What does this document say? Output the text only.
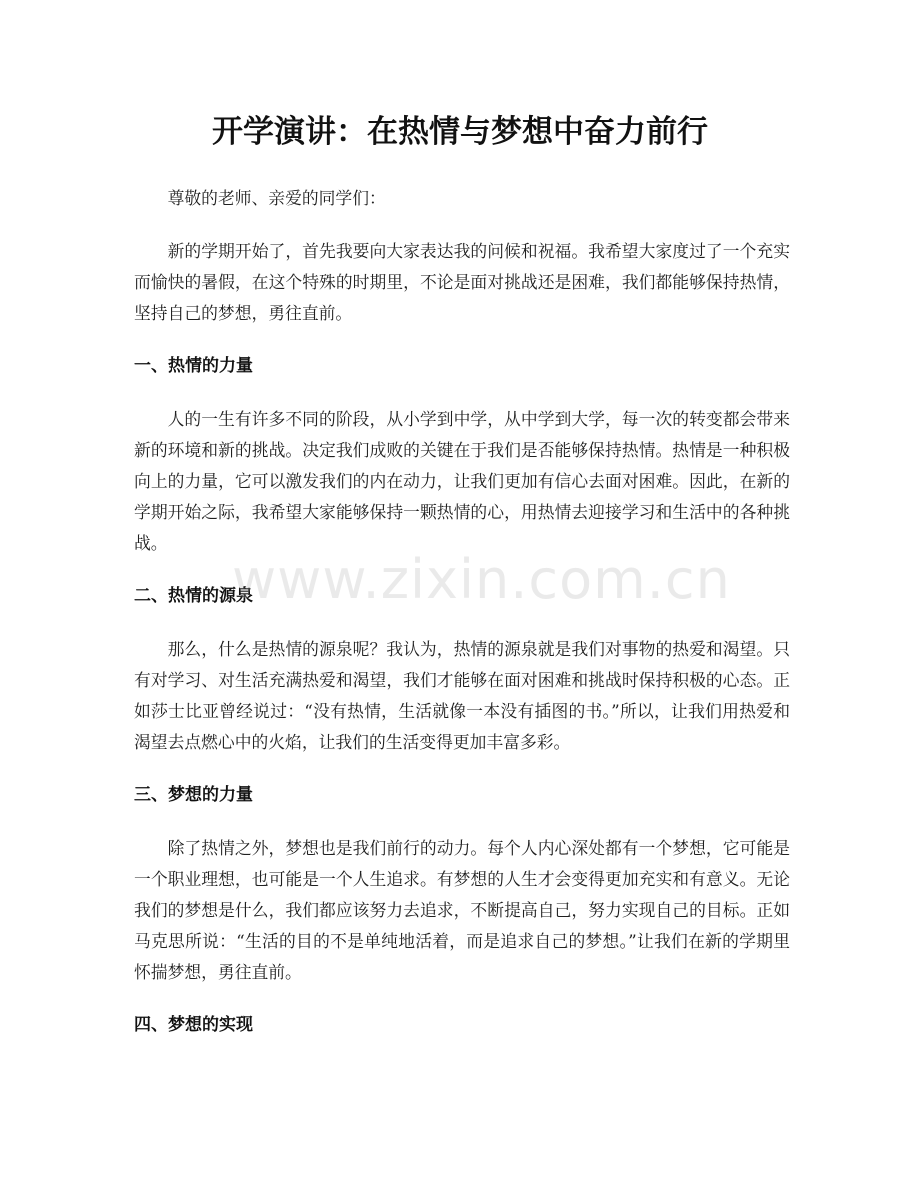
开学演讲：在热情与梦想中奋力前行

尊敬的老师、亲爱的同学们：

新的学期开始了，首先我要向大家表达我的问候和祝福。我希望大家度过了一个充实而愉快的暑假，在这个特殊的时期里，不论是面对挑战还是困难，我们都能够保持热情，坚持自己的梦想，勇往直前。

一、热情的力量

人的一生有许多不同的阶段，从小学到中学，从中学到大学，每一次的转变都会带来新的环境和新的挑战。决定我们成败的关键在于我们是否能够保持热情。热情是一种积极向上的力量，它可以激发我们的内在动力，让我们更加有信心去面对困难。因此，在新的学期开始之际，我希望大家能够保持一颗热情的心，用热情去迎接学习和生活中的各种挑战。

二、热情的源泉

那么，什么是热情的源泉呢？我认为，热情的源泉就是我们对事物的热爱和渴望。只有对学习、对生活充满热爱和渴望，我们才能够在面对困难和挑战时保持积极的心态。正如莎士比亚曾经说过：“没有热情，生活就像一本没有插图的书。”所以，让我们用热爱和渴望去点燃心中的火焰，让我们的生活变得更加丰富多彩。

三、梦想的力量

除了热情之外，梦想也是我们前行的动力。每个人内心深处都有一个梦想，它可能是一个职业理想，也可能是一个人生追求。有梦想的人生才会变得更加充实和有意义。无论我们的梦想是什么，我们都应该努力去追求，不断提高自己，努力实现自己的目标。正如马克思所说：“生活的目的不是单纯地活着，而是追求自己的梦想。”让我们在新的学期里怀揣梦想，勇往直前。

四、梦想的实现
www.zixin.com.cn
